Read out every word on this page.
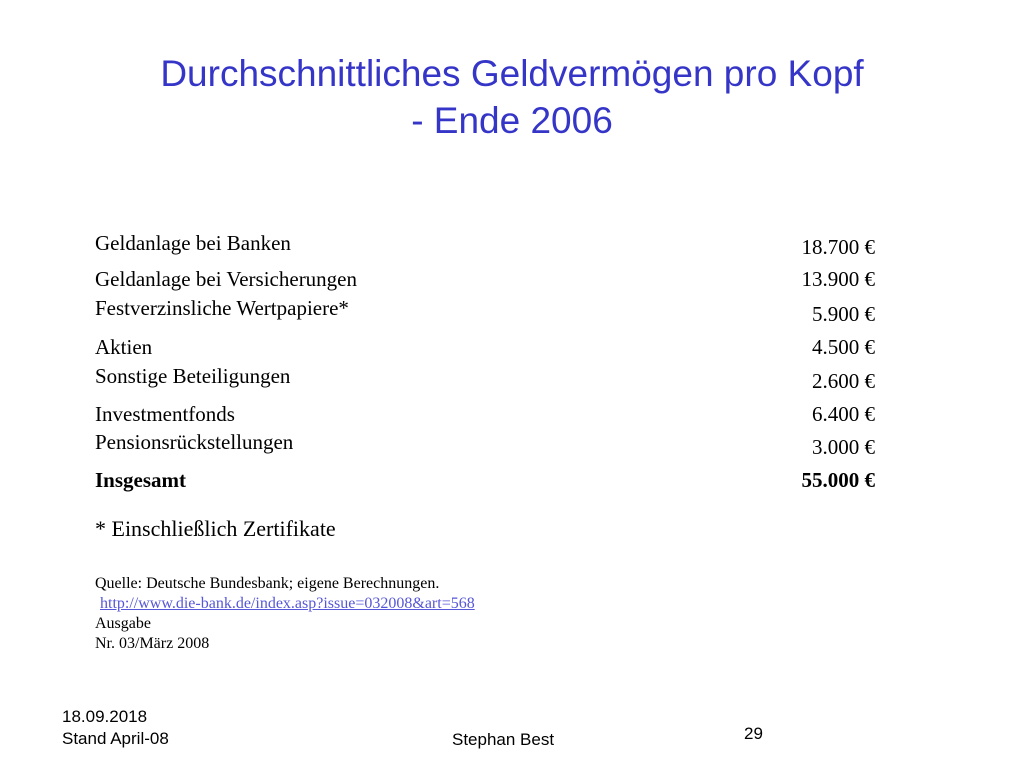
Durchschnittliches Geldvermögen pro Kopf
- Ende 2006
Geldanlage bei Banken	18.700 €
Geldanlage bei Versicherungen	13.900 €
Festverzinsliche Wertpapiere*	5.900 €
Aktien	4.500 €
Sonstige Beteiligungen	2.600 €
Investmentfonds	6.400 €
Pensionsrückstellungen	3.000 €
Insgesamt	55.000 €
* Einschließlich Zertifikate
Quelle: Deutsche Bundesbank; eigene Berechnungen.
http://www.die-bank.de/index.asp?issue=032008&art=568
Ausgabe
Nr. 03/März 2008
18.09.2018
Stand April-08	Stephan Best	29
